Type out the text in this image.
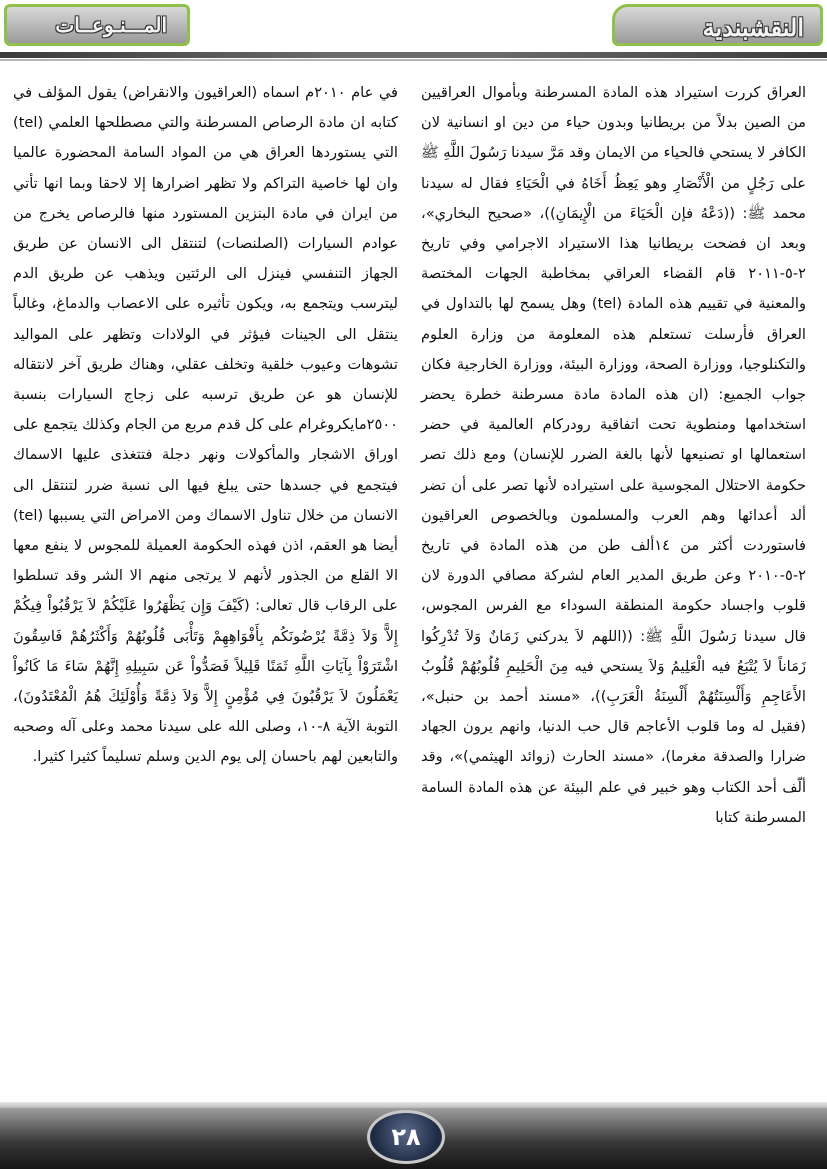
المـــنـوعــات	النقشبندية

العراق كررت استيراد هذه المادة المسرطنة وبأموال العراقيين من الصين بدلاً من بريطانيا وبدون حياء من دين او انسانية لان الكافر لا يستحي فالحياء من الايمان وقد مَرَّ سيدنا رَسُولَ اللَّهِ ﷺ على رَجُلٍ من الْأَنْصَارِ وهو يَعِظُ أَخَاهُ في الْحَيَاءِ فقال له سيدنا محمد ﷺ: ((دَعْهُ فإن الْحَيَاءَ من الْإِيمَانِ))، «صحيح البخاري»، وبعد ان فضحت بريطانيا هذا الاستيراد الاجرامي وفي تاريخ ٢-٥-٢٠١١ قام القضاء العراقي بمخاطبة الجهات المختصة والمعنية في تقييم هذه المادة (tel) وهل يسمح لها بالتداول في العراق فأرسلت تستعلم هذه المعلومة من وزارة العلوم والتكنلوجيا، ووزارة الصحة، ووزارة البيئة، ووزارة الخارجية فكان جواب الجميع: (ان هذه المادة مادة مسرطنة خطرة يحضر استخدامها ومنطوية تحت اتفاقية رودركام العالمية في حضر استعمالها او تصنيعها لأنها بالغة الضرر للإنسان) ومع ذلك تصر حكومة الاحتلال المجوسية على استيراده لأنها تصر على أن تضر ألد أعدائها وهم العرب والمسلمون وبالخصوص العراقيون فاستوردت أكثر من ١٤ألف طن من هذه المادة في تاريخ ٢-٥-٢٠١٠ وعن طريق المدير العام لشركة مصافي الدورة لان قلوب واجساد حكومة المنطقة السوداء مع الفرس المجوس، قال سيدنا رَسُولَ اللَّهِ ﷺ: ((اللهم لاَ يدركني زَمَانٌ وَلاَ تُدْرِكُوا زَمَاناً لاَ يُتْبَعُ فيه الْعَلِيمُ وَلاَ يستحي فيه مِنَ الْحَلِيمِ قُلُوبُهُمْ قُلُوبُ الأَعَاجِمِ وَأَلْسِنَتُهُمْ أَلْسِنَةُ الْعَرَبِ))، «مسند أحمد بن حنبل»، (فقيل له وما قلوب الأعاجم قال حب الدنيا، وانهم يرون الجهاد ضرارا والصدقة مغرما)، «مسند الحارث (زوائد الهيثمي)»، وقد ألّف أحد الكتاب وهو خبير في علم البيئة عن هذه المادة السامة المسرطنة كتابا

في عام ٢٠١٠م اسماه (العراقيون والانقراض) يقول المؤلف في كتابه ان مادة الرصاص المسرطنة والتي مصطلحها العلمي (tel) التي يستوردها العراق هي من المواد السامة المحضورة عالميا وان لها خاصية التراكم ولا تظهر اضرارها إلا لاحقا وبما انها تأتي من ايران في مادة البنزين المستورد منها فالرصاص يخرج من عوادم السيارات (الصلنصات) لتنتقل الى الانسان عن طريق الجهاز التنفسي فينزل الى الرئتين ويذهب عن طريق الدم ليترسب ويتجمع به، ويكون تأثيره على الاعصاب والدماغ، وغالباً ينتقل الى الجينات فيؤثر في الولادات وتظهر على المواليد تشوهات وعيوب خلقية وتخلف عقلي، وهناك طريق آخر لانتقاله للإنسان هو عن طريق ترسبه على زجاج السيارات بنسبة ٢٥٠٠مايكروغرام على كل قدم مربع من الجام وكذلك يتجمع على اوراق الاشجار والمأكولات ونهر دجلة فتتغذى عليها الاسماك فيتجمع في جسدها حتى يبلغ فيها الى نسبة ضرر لتنتقل الى الانسان من خلال تناول الاسماك ومن الامراض التي يسببها (tel) أيضا هو العقم، اذن فهذه الحكومة العميلة للمجوس لا ينفع معها الا القلع من الجذور لأنهم لا يرتجى منهم الا الشر وقد تسلطوا على الرقاب قال تعالى: (كَيْفَ وَإِن يَظْهَرُوا عَلَيْكُمْ لاَ يَرْقُبُواْ فِيكُمْ إِلاًّ وَلاَ ذِمَّةً يُرْضُونَكُم بِأَفْوَاهِهِمْ وَتَأْبَى قُلُوبُهُمْ وَأَكْثَرُهُمْ فَاسِقُونَ اشْتَرَوْاْ بِآيَاتِ اللَّهِ ثَمَنًا قَلِيلاً فَصَدُّواْ عَن سَبِيلِهِ إِنَّهُمْ سَاءَ مَا كَانُواْ يَعْمَلُونَ لاَ يَرْقُبُونَ فِي مُؤْمِنٍ إِلاًّ وَلاَ ذِمَّةً وَأُوْلَئِكَ هُمُ الْمُعْتَدُونَ)، التوبة الآية ٨-١٠، وصلى الله على سيدنا محمد وعلى آله وصحبه والتابعين لهم باحسان إلى يوم الدين وسلم تسليماً كثيرا كثيرا.

٢٨
